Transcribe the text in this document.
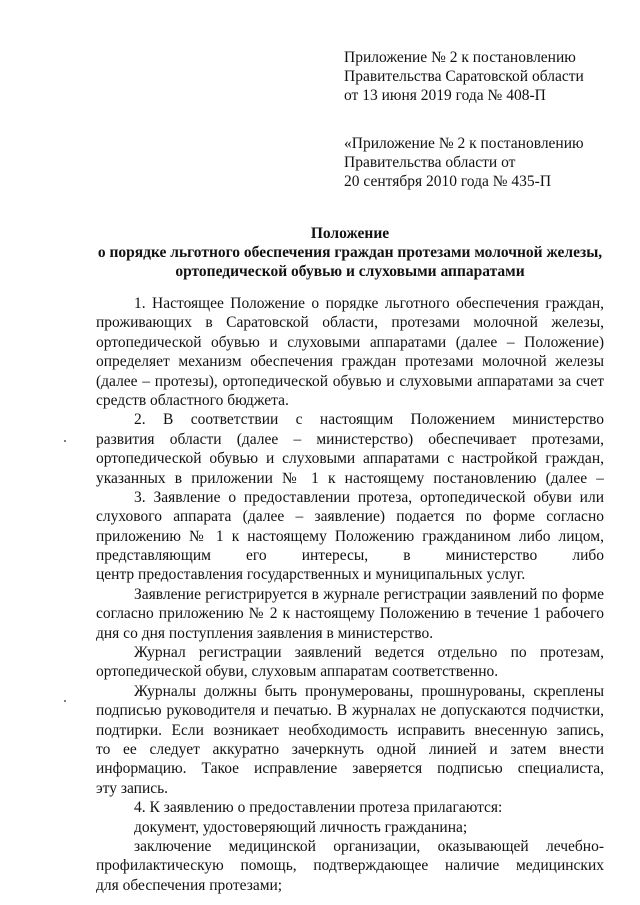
Приложение № 2 к постановлению
Правительства Саратовской области
от 13 июня 2019 года № 408-П
«Приложение № 2 к постановлению
Правительства области от
20 сентября 2010 года № 435-П
Положение
о порядке льготного обеспечения граждан протезами молочной железы,
ортопедической обувью и слуховыми аппаратами
1. Настоящее Положение о порядке льготного обеспечения граждан,
проживающих в Саратовской области, протезами молочной железы,
ортопедической обувью и слуховыми аппаратами (далее – Положение)
определяет механизм обеспечения граждан протезами молочной железы
(далее – протезы), ортопедической обувью и слуховыми аппаратами за счет
средств областного бюджета.
2. В соответствии с настоящим Положением министерство
развития области (далее – министерство) обеспечивает протезами,
ортопедической обувью и слуховыми аппаратами с настройкой граждан,
указанных в приложении № 1 к настоящему постановлению (далее –
3. Заявление о предоставлении протеза, ортопедической обуви или
слухового аппарата (далее – заявление) подается по форме согласно
приложению № 1 к настоящему Положению гражданином либо лицом,
представляющим его интересы, в министерство либо
центр предоставления государственных и муниципальных услуг.
Заявление регистрируется в журнале регистрации заявлений по форме
согласно приложению № 2 к настоящему Положению в течение 1 рабочего
дня со дня поступления заявления в министерство.
Журнал регистрации заявлений ведется отдельно по протезам,
ортопедической обуви, слуховым аппаратам соответственно.
Журналы должны быть пронумерованы, прошнурованы, скреплены
подписью руководителя и печатью. В журналах не допускаются подчистки,
подтирки. Если возникает необходимость исправить внесенную запись,
то ее следует аккуратно зачеркнуть одной линией и затем внести
информацию. Такое исправление заверяется подписью специалиста,
эту запись.
4. К заявлению о предоставлении протеза прилагаются:
документ, удостоверяющий личность гражданина;
заключение медицинской организации, оказывающей лечебно-
профилактическую помощь, подтверждающее наличие медицинских
для обеспечения протезами;
